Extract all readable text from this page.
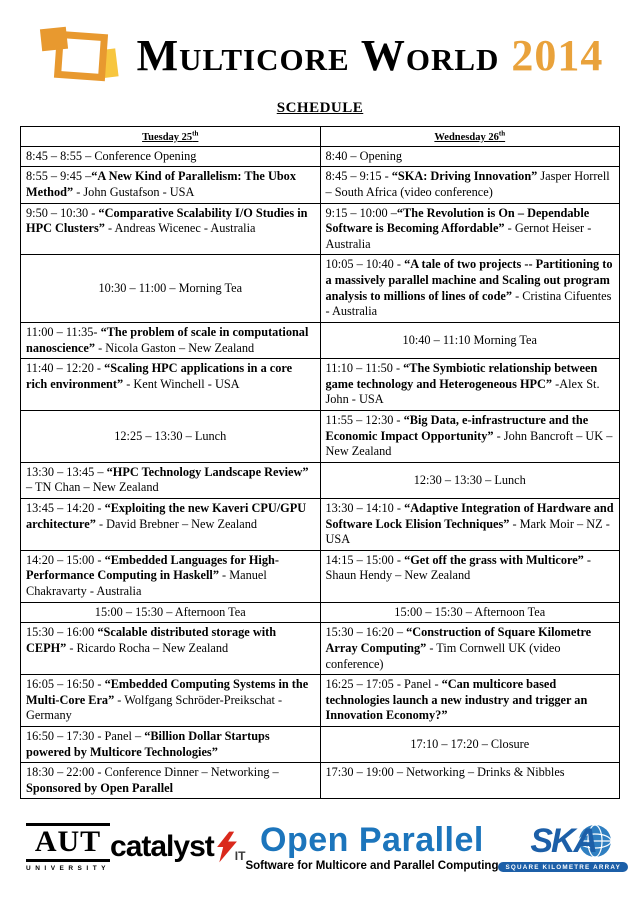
Multicore World 2014
SCHEDULE
Tuesday 25th	Wednesday 26th
8:45 – 8:55 – Conference Opening	8:40 – Opening
8:55 – 9:45 –“A New Kind of Parallelism: The Ubox Method” - John Gustafson - USA	8:45 – 9:15 - “SKA: Driving Innovation” Jasper Horrell – South Africa (video conference)
9:50 – 10:30 - “Comparative Scalability I/O Studies in HPC Clusters” - Andreas Wicenec - Australia	9:15 – 10:00 –“The Revolution is On – Dependable Software is Becoming Affordable” - Gernot Heiser - Australia
10:30 – 11:00 – Morning Tea	10:05 – 10:40 - “A tale of two projects -- Partitioning to a massively parallel machine and Scaling out program analysis to millions of lines of code” - Cristina Cifuentes - Australia
11:00 – 11:35- “The problem of scale in computational nanoscience” - Nicola Gaston – New Zealand	10:40 – 11:10 Morning Tea
11:40 – 12:20 - “Scaling HPC applications in a core rich environment” - Kent Winchell - USA	11:10 – 11:50 - “The Symbiotic relationship between game technology and Heterogeneous HPC” -Alex St. John - USA
12:25 – 13:30 – Lunch	11:55 – 12:30 - “Big Data, e-infrastructure and the Economic Impact Opportunity” - John Bancroft – UK – New Zealand
13:30 – 13:45 – “HPC Technology Landscape Review” – TN Chan – New Zealand	12:30 – 13:30 – Lunch
13:45 – 14:20 - “Exploiting the new Kaveri CPU/GPU architecture” - David Brebner – New Zealand	13:30 – 14:10 - “Adaptive Integration of Hardware and Software Lock Elision Techniques” - Mark Moir – NZ - USA
14:20 – 15:00 - “Embedded Languages for High-Performance Computing in Haskell” - Manuel Chakravarty - Australia	14:15 – 15:00 - “Get off the grass with Multicore” - Shaun Hendy – New Zealand
15:00 – 15:30 – Afternoon Tea	15:00 – 15:30 – Afternoon Tea
15:30 – 16:00 “Scalable distributed storage with CEPH” - Ricardo Rocha – New Zealand	15:30 – 16:20 – “Construction of Square Kilometre Array Computing” - Tim Cornwell UK (video conference)
16:05 – 16:50 - “Embedded Computing Systems in the Multi-Core Era” - Wolfgang Schröder-Preikschat - Germany	16:25 – 17:05 - Panel - “Can multicore based technologies launch a new industry and trigger an Innovation Economy?”
16:50 – 17:30 - Panel – “Billion Dollar Startups powered by Multicore Technologies”	17:10 – 17:20 – Closure
18:30 – 22:00 - Conference Dinner – Networking – Sponsored by Open Parallel	17:30 – 19:00 – Networking – Drinks & Nibbles
AUT
UNIVERSITY
catalyst IT Open Parallel
Software for Multicore and Parallel Computing
SKA
SQUARE KILOMETRE ARRAY
